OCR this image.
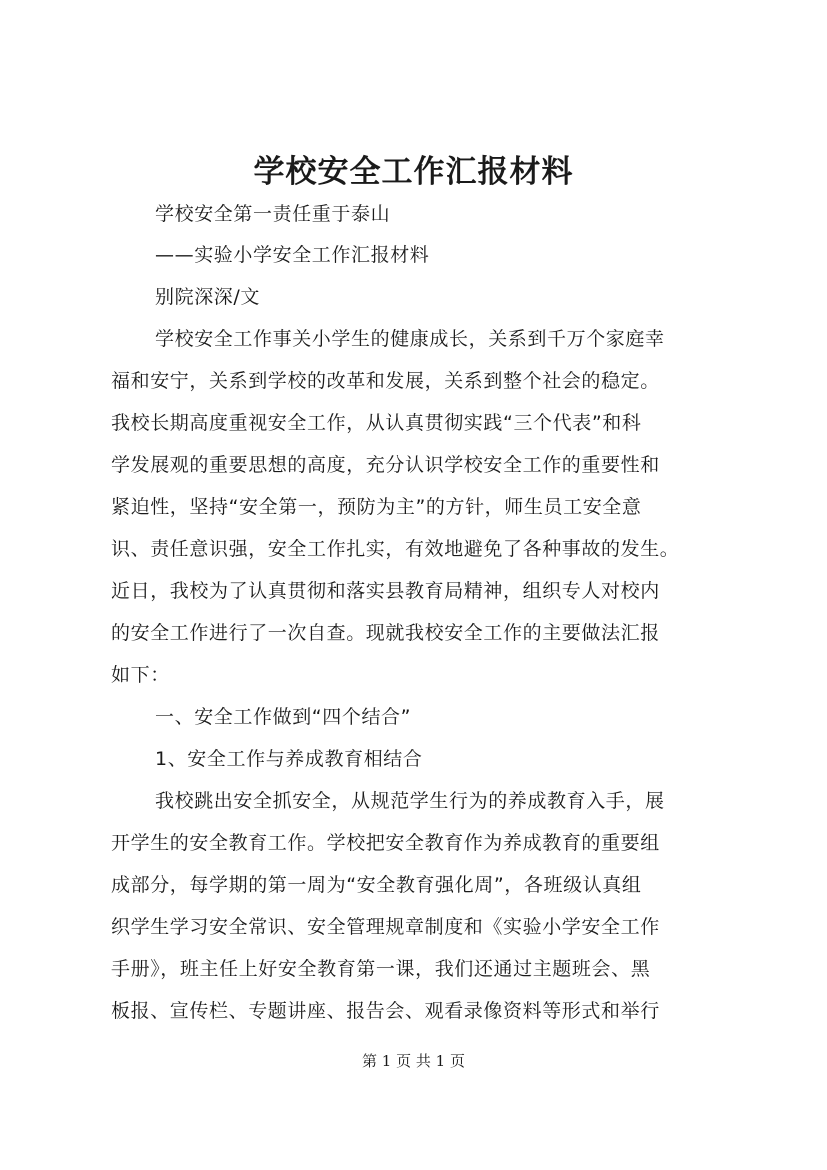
学校安全工作汇报材料
学校安全第一责任重于泰山
——实验小学安全工作汇报材料
别院深深/文
学校安全工作事关小学生的健康成长，关系到千万个家庭幸
福和安宁，关系到学校的改革和发展，关系到整个社会的稳定。
我校长期高度重视安全工作，从认真贯彻实践“三个代表”和科
学发展观的重要思想的高度，充分认识学校安全工作的重要性和
紧迫性，坚持“安全第一，预防为主”的方针，师生员工安全意
识、责任意识强，安全工作扎实，有效地避免了各种事故的发生。
近日，我校为了认真贯彻和落实县教育局精神，组织专人对校内
的安全工作进行了一次自查。现就我校安全工作的主要做法汇报
如下：
一、安全工作做到“四个结合”
1、安全工作与养成教育相结合
我校跳出安全抓安全，从规范学生行为的养成教育入手，展
开学生的安全教育工作。学校把安全教育作为养成教育的重要组
成部分，每学期的第一周为“安全教育强化周”，各班级认真组
织学生学习安全常识、安全管理规章制度和《实验小学安全工作
手册》，班主任上好安全教育第一课，我们还通过主题班会、黑
板报、宣传栏、专题讲座、报告会、观看录像资料等形式和举行
第 1 页 共 1 页
